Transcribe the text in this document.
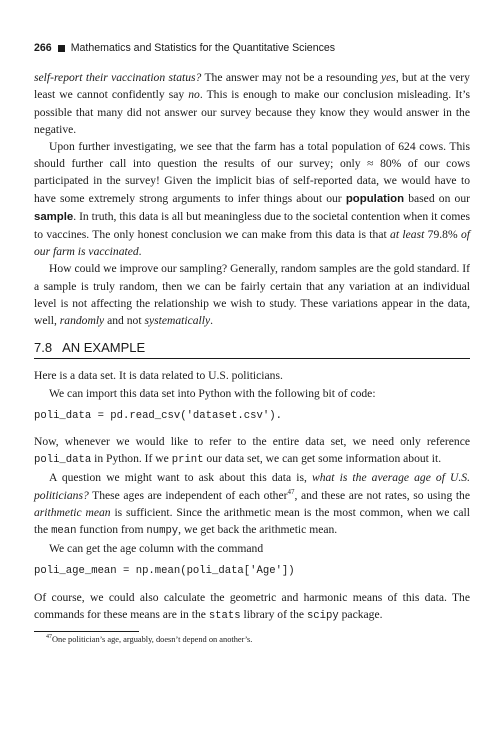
266 Mathematics and Statistics for the Quantitative Sciences

self-report their vaccination status? The answer may not be a resounding yes, but at the very least we cannot confidently say no. This is enough to make our conclusion misleading. It’s possible that many did not answer our survey because they know they would answer in the negative.

Upon further investigating, we see that the farm has a total population of 624 cows. This should further call into question the results of our survey; only ≈ 80% of our cows participated in the survey! Given the implicit bias of self-reported data, we would have to have some extremely strong arguments to infer things about our population based on our sample. In truth, this data is all but meaningless due to the societal contention when it comes to vaccines. The only honest conclusion we can make from this data is that at least 79.8% of our farm is vaccinated.

How could we improve our sampling? Generally, random samples are the gold standard. If a sample is truly random, then we can be fairly certain that any variation at an individual level is not affecting the relationship we wish to study. These variations appear in the data, well, randomly and not systematically.

7.8 AN EXAMPLE

Here is a data set. It is data related to U.S. politicians.

We can import this data set into Python with the following bit of code:

poli_data = pd.read_csv('dataset.csv').

Now, whenever we would like to refer to the entire data set, we need only reference poli_data in Python. If we print our data set, we can get some information about it.

A question we might want to ask about this data is, what is the average age of U.S. politicians? These ages are independent of each other$^{47}$, and these are not rates, so using the arithmetic mean is sufficient. Since the arithmetic mean is the most common, when we call the mean function from numpy, we get back the arithmetic mean.

We can get the age column with the command

poli_age_mean = np.mean(poli_data['Age'])

Of course, we could also calculate the geometric and harmonic means of this data. The commands for these means are in the stats library of the scipy package.

$^{47}$One politician’s age, arguably, doesn’t depend on another’s.
